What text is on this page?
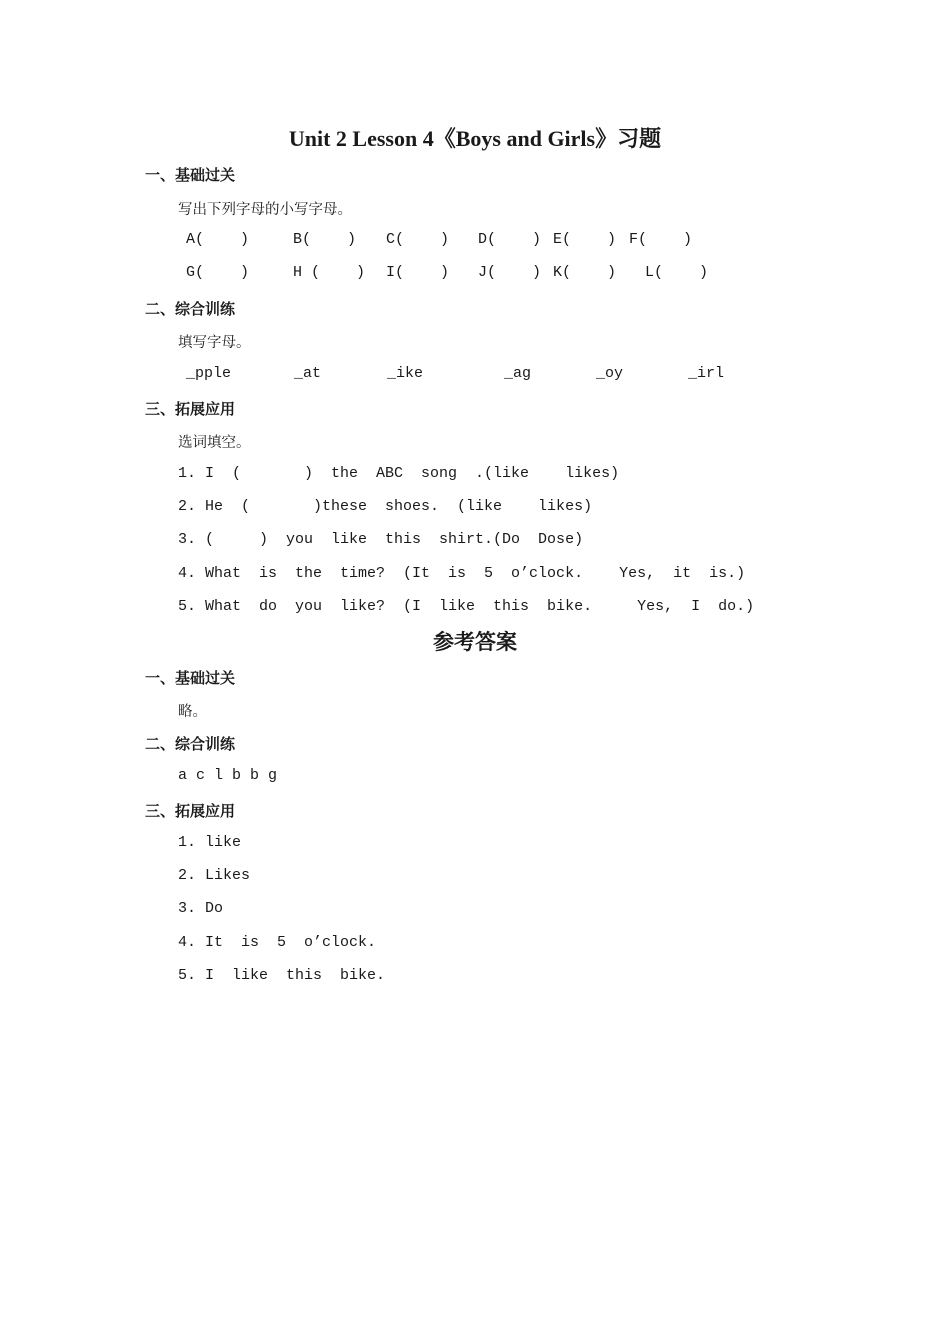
Unit 2 Lesson 4《Boys and Girls》习题
一、基础过关
写出下列字母的小写字母。
A(    )	B(    ) C(    ) D(    ) E(    ) F(    )
G(    )	H (    ) I(    ) J(    ) K(    ) L(    )
二、综合训练
填写字母。
_pple	_at	_ike	_ag	_oy	_irl
三、拓展应用
选词填空。
1. I  (       )  the  ABC  song  .(like    likes)
2. He  (       )these  shoes.  (like    likes)
3. (     )  you  like  this  shirt.(Do  Dose)
4. What  is  the  time?  (It  is  5  o’clock.    Yes,  it  is.)
5. What  do  you  like?  (I  like  this  bike.     Yes,  I  do.)
参考答案
一、基础过关
略。
二、综合训练
a c l b b g
三、拓展应用
1. like
2. Likes
3. Do
4. It  is  5  o’clock.
5. I  like  this  bike.
